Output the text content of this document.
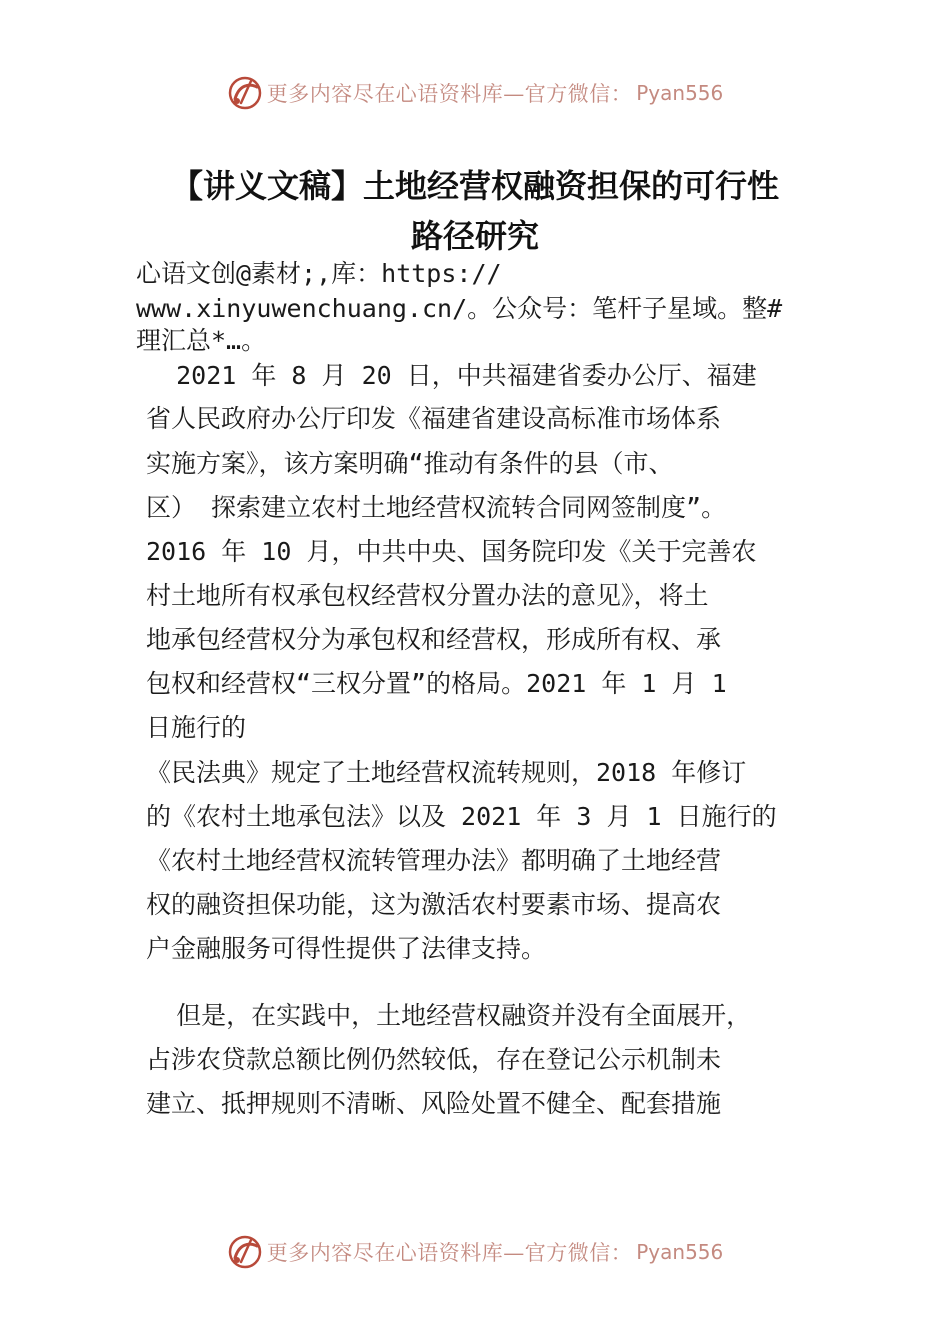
更多内容尽在心语资料库—官方微信： Pyan556
【讲义文稿】土地经营权融资担保的可行性
路径研究
心语文创@素材;,库：https://
www.xinyuwenchuang.cn/。公众号：笔杆子星域。整#
理汇总*…。
2021 年 8 月 20 日，中共福建省委办公厅、福建
省人民政府办公厅印发《福建省建设高标准市场体系
实施方案》，该方案明确“推动有条件的县（市、
区） 探索建立农村土地经营权流转合同网签制度”。
2016 年 10 月，中共中央、国务院印发《关于完善农
村土地所有权承包权经营权分置办法的意见》，将土
地承包经营权分为承包权和经营权，形成所有权、承
包权和经营权“三权分置”的格局。2021 年 1 月 1
日施行的
《民法典》规定了土地经营权流转规则，2018 年修订
的《农村土地承包法》以及 2021 年 3 月 1 日施行的
《农村土地经营权流转管理办法》都明确了土地经营
权的融资担保功能，这为激活农村要素市场、提高农
户金融服务可得性提供了法律支持。
但是，在实践中，土地经营权融资并没有全面展开，
占涉农贷款总额比例仍然较低，存在登记公示机制未
建立、抵押规则不清晰、风险处置不健全、配套措施
更多内容尽在心语资料库—官方微信： Pyan556
